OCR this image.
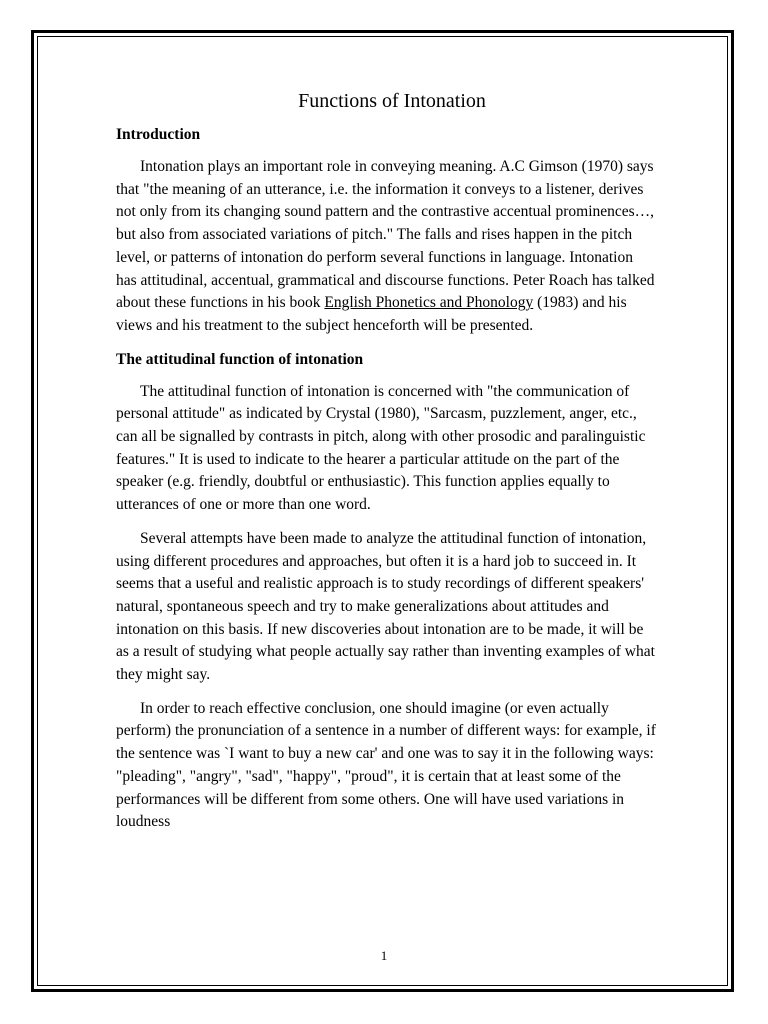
Functions of Intonation
Introduction

Intonation plays an important role in conveying meaning. A.C Gimson (1970) says that "the meaning of an utterance, i.e. the information it conveys to a listener, derives not only from its changing sound pattern and the contrastive accentual prominences…, but also from associated variations of pitch." The falls and rises happen in the pitch level, or patterns of intonation do perform several functions in language. Intonation has attitudinal, accentual, grammatical and discourse functions. Peter Roach has talked about these functions in his book English Phonetics and Phonology (1983) and his views and his treatment to the subject henceforth will be presented.

The attitudinal function of intonation

The attitudinal function of intonation is concerned with "the communication of personal attitude" as indicated by Crystal (1980), "Sarcasm, puzzlement, anger, etc., can all be signalled by contrasts in pitch, along with other prosodic and paralinguistic features." It is used to indicate to the hearer a particular attitude on the part of the speaker (e.g. friendly, doubtful or enthusiastic). This function applies equally to utterances of one or more than one word.

Several attempts have been made to analyze the attitudinal function of intonation, using different procedures and approaches, but often it is a hard job to succeed in. It seems that a useful and realistic approach is to study recordings of different speakers' natural, spontaneous speech and try to make generalizations about attitudes and intonation on this basis. If new discoveries about intonation are to be made, it will be as a result of studying what people actually say rather than inventing examples of what they might say.

In order to reach effective conclusion, one should imagine (or even actually perform) the pronunciation of a sentence in a number of different ways: for example, if the sentence was `I want to buy a new car' and one was to say it in the following ways: "pleading", "angry", "sad", "happy", "proud", it is certain that at least some of the performances will be different from some others. One will have used variations in loudness

1
